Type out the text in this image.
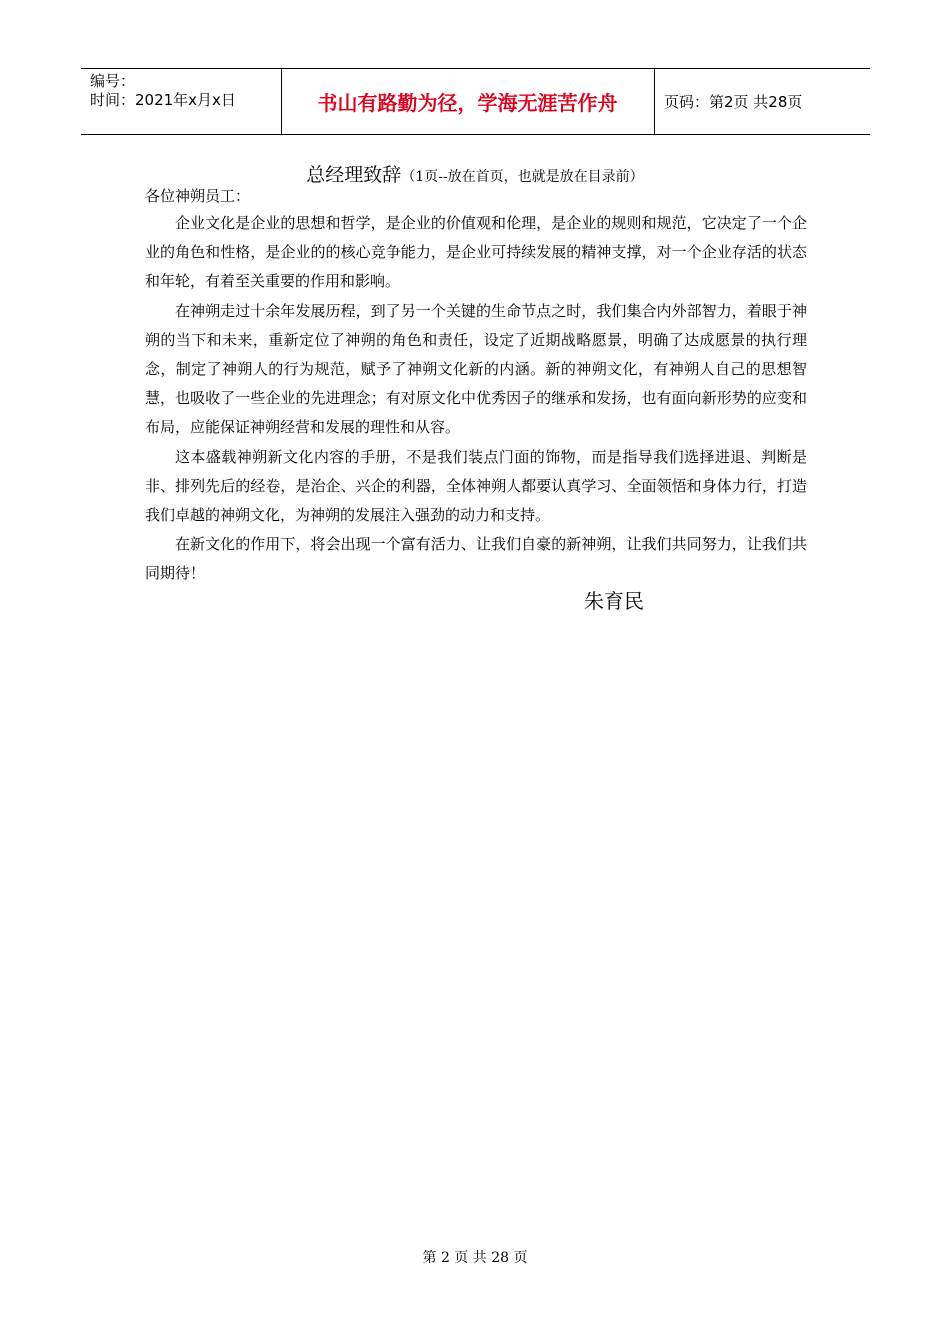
编号：
时间：2021年x月x日	书山有路勤为径，学海无涯苦作舟	页码：第2页 共28页
总经理致辞（1页--放在首页，也就是放在目录前）
各位神朔员工：

企业文化是企业的思想和哲学，是企业的价值观和伦理，是企业的规则和规范，它决定了一个企业的角色和性格，是企业的的核心竞争能力，是企业可持续发展的精神支撑，对一个企业存活的状态和年轮，有着至关重要的作用和影响。

在神朔走过十余年发展历程，到了另一个关键的生命节点之时，我们集合内外部智力，着眼于神朔的当下和未来，重新定位了神朔的角色和责任，设定了近期战略愿景，明确了达成愿景的执行理念，制定了神朔人的行为规范，赋予了神朔文化新的内涵。新的神朔文化，有神朔人自己的思想智慧，也吸收了一些企业的先进理念；有对原文化中优秀因子的继承和发扬，也有面向新形势的应变和布局，应能保证神朔经营和发展的理性和从容。

这本盛载神朔新文化内容的手册，不是我们装点门面的饰物，而是指导我们选择进退、判断是非、排列先后的经卷，是治企、兴企的利器，全体神朔人都要认真学习、全面领悟和身体力行，打造我们卓越的神朔文化，为神朔的发展注入强劲的动力和支持。

在新文化的作用下，将会出现一个富有活力、让我们自豪的新神朔，让我们共同努力，让我们共同期待！

朱育民
第 2 页 共 28 页
